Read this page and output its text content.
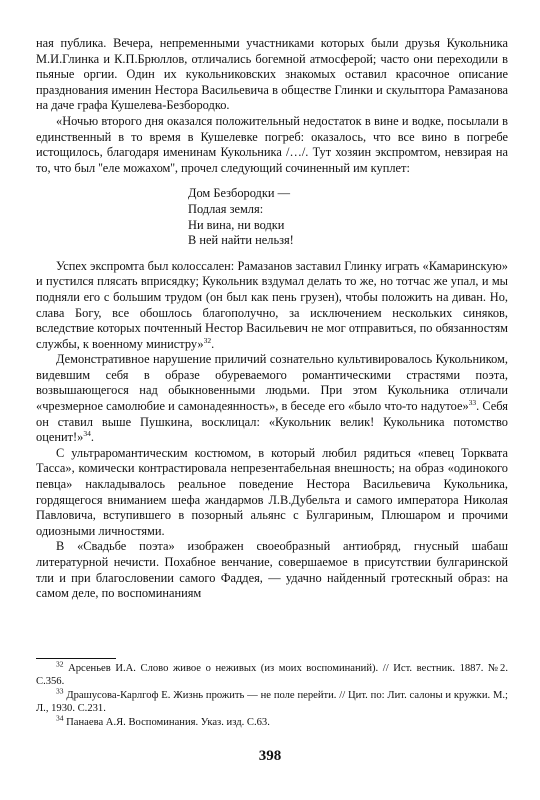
ная публика. Вечера, непременными участниками которых были друзья Кукольника М.И.Глинка и К.П.Брюллов, отличались богемной атмосферой; часто они переходили в пьяные оргии. Один их кукольниковских знакомых оставил красочное описание празднования именин Нестора Васильевича в обществе Глинки и скульптора Рамазанова на даче графа Кушелева-Безбородко.

«Ночью второго дня оказался положительный недостаток в вине и водке, посылали в единственный в то время в Кушелевке погреб: оказалось, что все вино в погребе истощилось, благодаря именинам Кукольника /…/. Тут хозяин экспромтом, невзирая на то, что был ''еле можахом'', прочел следующий сочиненный им куплет:

Дом Безбородки —
Подлая земля:
Ни вина, ни водки
В ней найти нельзя!

Успех экспромта был колоссален: Рамазанов заставил Глинку играть «Камаринскую» и пустился плясать вприсядку; Кукольник вздумал делать то же, но тотчас же упал, и мы подняли его с большим трудом (он был как пень грузен), чтобы положить на диван. Но, слава Богу, все обошлось благополучно, за исключением нескольких синяков, вследствие которых почтенный Нестор Васильевич не мог отправиться, по обязанностям службы, к военному министру»$^{32}$.

Демонстративное нарушение приличий сознательно культивировалось Кукольником, видевшим себя в образе обуреваемого романтическими страстями поэта, возвышающегося над обыкновенными людьми. При этом Кукольника отличали «чрезмерное самолюбие и самонадеянность», в беседе его «было что-то надутое»$^{33}$. Себя он ставил выше Пушкина, восклицал: «Кукольник велик! Кукольника потомство оценит!»$^{34}$.

С ультраромантическим костюмом, в который любил рядиться «певец Торквата Тасса», комически контрастировала непрезентабельная внешность; на образ «одинокого певца» накладывалось реальное поведение Нестора Васильевича Кукольника, гордящегося вниманием шефа жандармов Л.В.Дубельта и самого императора Николая Павловича, вступившего в позорный альянс с Булгариным, Плюшаром и прочими одиозными личностями.

В «Свадьбе поэта» изображен своеобразный антиобряд, гнусный шабаш литературной нечисти. Похабное венчание, совершаемое в присутствии булгаринской тли и при благословении самого Фаддея, — удачно найденный гротескный образ: на самом деле, по воспоминаниям

$^{32}$ Арсеньев И.А. Слово живое о неживых (из моих воспоминаний). // Ист. вестник. 1887. №2. С.356.

$^{33}$ Драшусова-Карлгоф Е. Жизнь прожить — не поле перейти. // Цит. по: Лит. салоны и кружки. М.; Л., 1930. С.231.

$^{34}$ Панаева А.Я. Воспоминания. Указ. изд. С.63.

398
